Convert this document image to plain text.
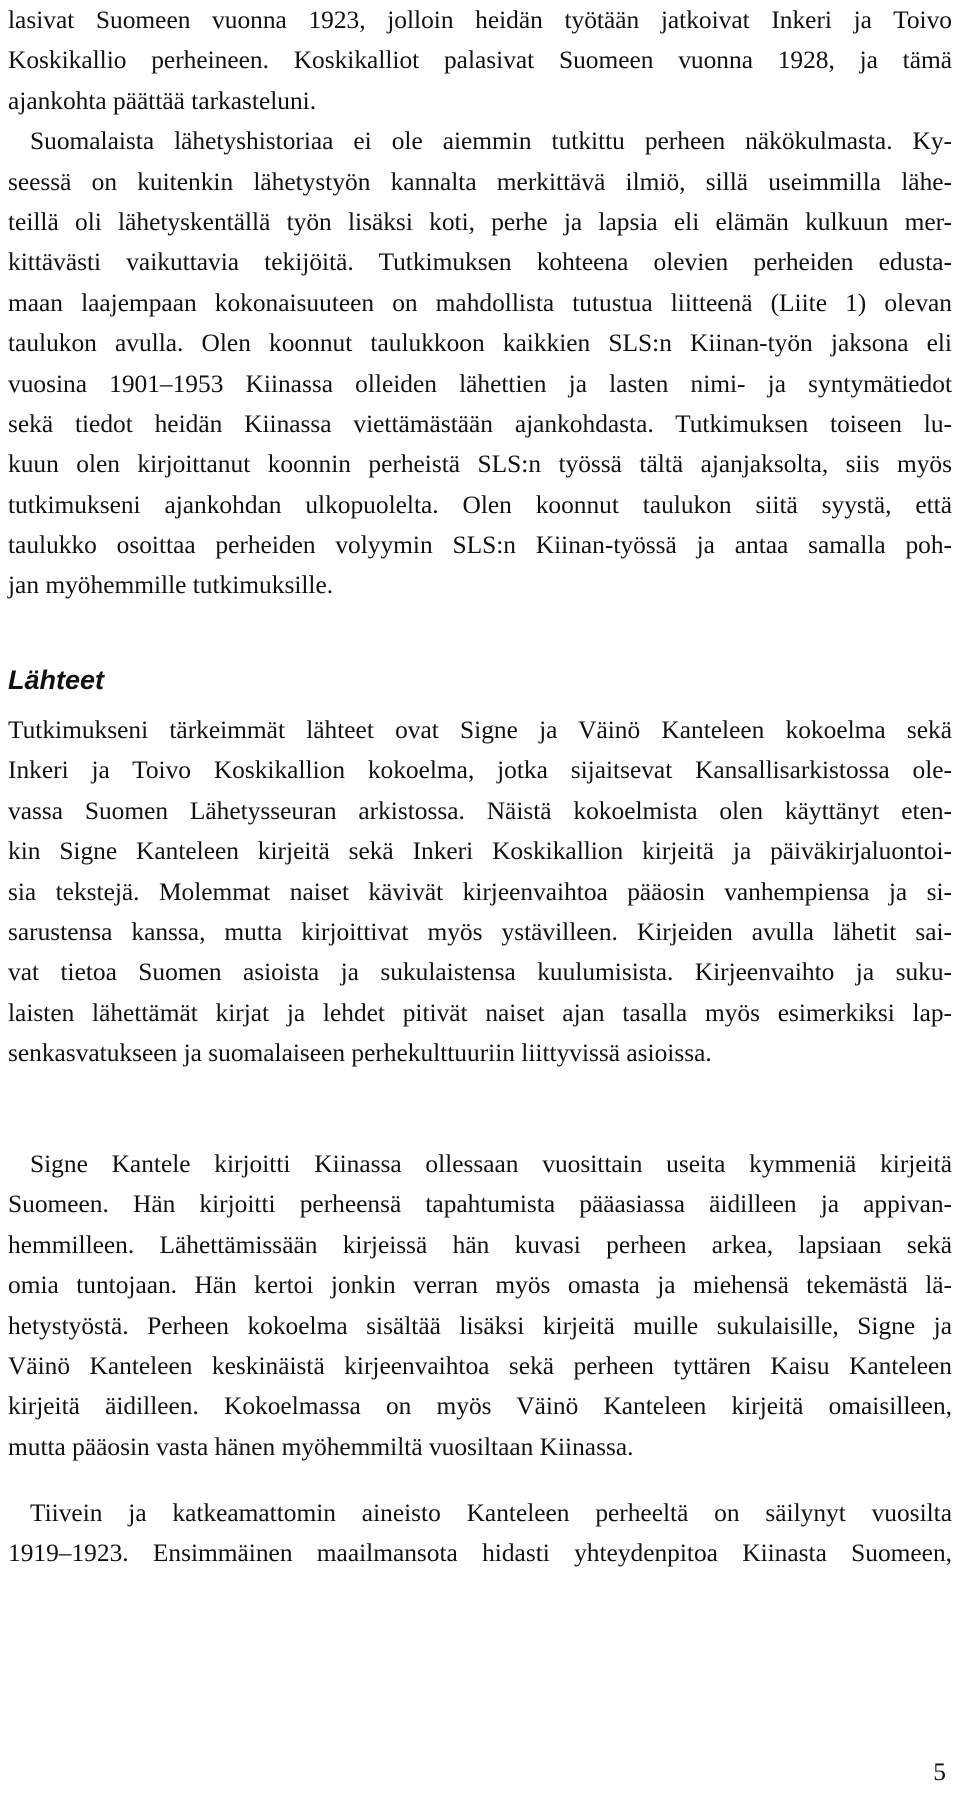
lasivat Suomeen vuonna 1923, jolloin heidän työtään jatkoivat Inkeri ja Toivo
Koskikallio perheineen. Koskikalliot palasivat Suomeen vuonna 1928, ja tämä
ajankohta päättää tarkasteluni.
Suomalaista lähetyshistoriaa ei ole aiemmin tutkittu perheen näkökulmasta. Ky-
seessä on kuitenkin lähetystyön kannalta merkittävä ilmiö, sillä useimmilla lähe-
teillä oli lähetyskentällä työn lisäksi koti, perhe ja lapsia eli elämän kulkuun mer-
kittävästi vaikuttavia tekijöitä. Tutkimuksen kohteena olevien perheiden edusta-
maan laajempaan kokonaisuuteen on mahdollista tutustua liitteenä (Liite 1) olevan
taulukon avulla. Olen koonnut taulukkoon kaikkien SLS:n Kiinan-työn jaksona eli
vuosina 1901–1953 Kiinassa olleiden lähettien ja lasten nimi- ja syntymätiedot
sekä tiedot heidän Kiinassa viettämästään ajankohdasta. Tutkimuksen toiseen lu-
kuun olen kirjoittanut koonnin perheistä SLS:n työssä tältä ajanjaksolta, siis myös
tutkimukseni ajankohdan ulkopuolelta. Olen koonnut taulukon siitä syystä, että
taulukko osoittaa perheiden volyymin SLS:n Kiinan-työssä ja antaa samalla poh-
jan myöhemmille tutkimuksille.
Lähteet
Tutkimukseni tärkeimmät lähteet ovat Signe ja Väinö Kanteleen kokoelma sekä
Inkeri ja Toivo Koskikallion kokoelma, jotka sijaitsevat Kansallisarkistossa ole-
vassa Suomen Lähetysseuran arkistossa. Näistä kokoelmista olen käyttänyt eten-
kin Signe Kanteleen kirjeitä sekä Inkeri Koskikallion kirjeitä ja päiväkirjaluontoi-
sia tekstejä. Molemmat naiset kävivät kirjeenvaihtoa pääosin vanhempiensa ja si-
sarustensa kanssa, mutta kirjoittivat myös ystävilleen. Kirjeiden avulla lähetit sai-
vat tietoa Suomen asioista ja sukulaistensa kuulumisista. Kirjeenvaihto ja suku-
laisten lähettämät kirjat ja lehdet pitivät naiset ajan tasalla myös esimerkiksi lap-
senkasvatukseen ja suomalaiseen perhekulttuuriin liittyvissä asioissa.
Signe Kantele kirjoitti Kiinassa ollessaan vuosittain useita kymmeniä kirjeitä
Suomeen. Hän kirjoitti perheensä tapahtumista pääasiassa äidilleen ja appivan-
hemmilleen. Lähettämissään kirjeissä hän kuvasi perheen arkea, lapsiaan sekä
omia tuntojaan. Hän kertoi jonkin verran myös omasta ja miehensä tekemästä lä-
hetystyöstä. Perheen kokoelma sisältää lisäksi kirjeitä muille sukulaisille, Signe ja
Väinö Kanteleen keskinäistä kirjeenvaihtoa sekä perheen tyttären Kaisu Kanteleen
kirjeitä äidilleen. Kokoelmassa on myös Väinö Kanteleen kirjeitä omaisilleen,
mutta pääosin vasta hänen myöhemmiltä vuosiltaan Kiinassa.
Tiivein ja katkeamattomin aineisto Kanteleen perheeltä on säilynyt vuosilta
1919–1923. Ensimmäinen maailmansota hidasti yhteydenpitoa Kiinasta Suomeen,
5
